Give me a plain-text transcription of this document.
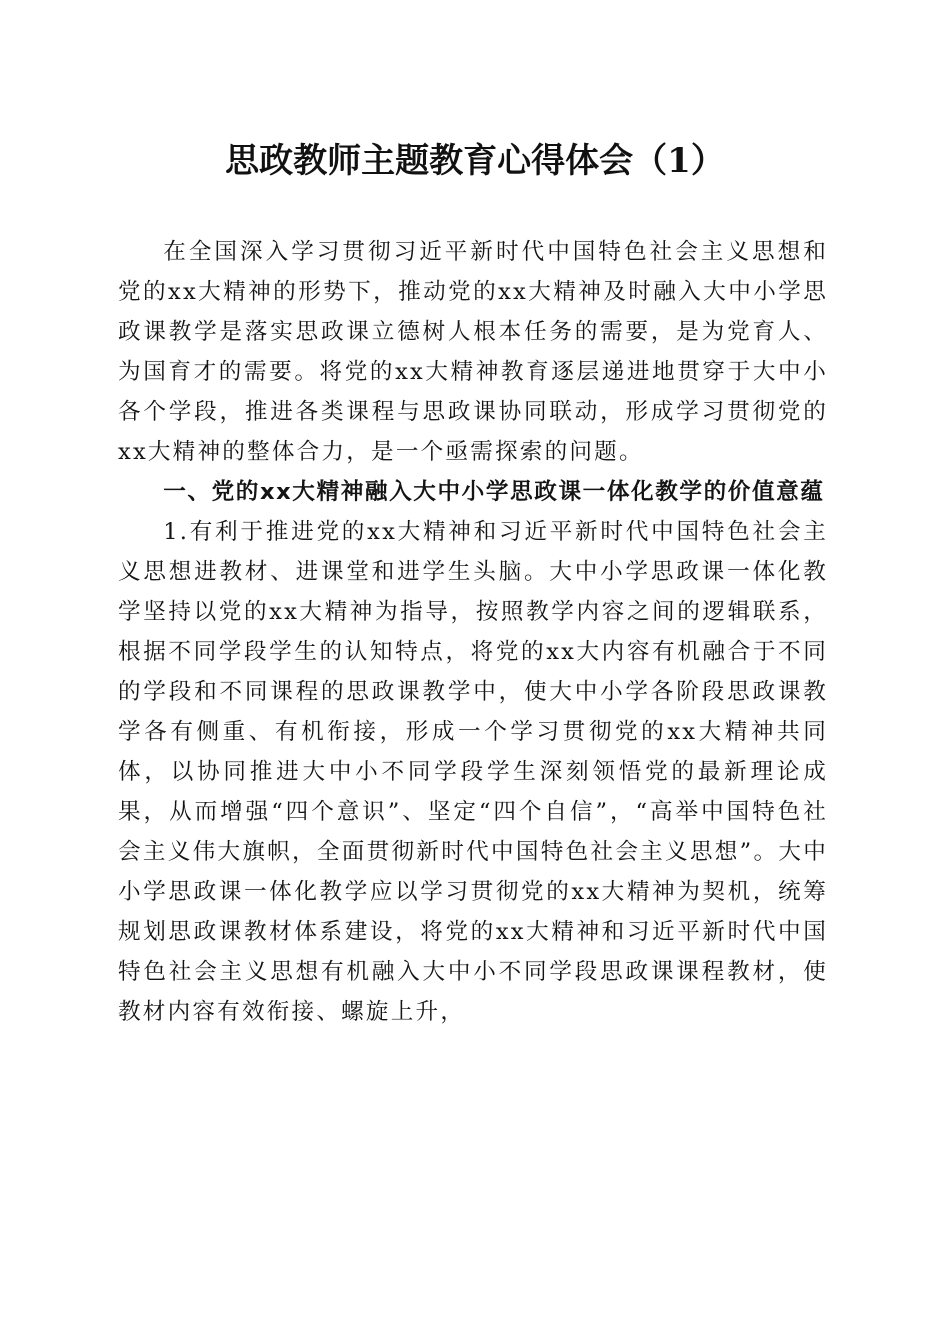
思政教师主题教育心得体会（1）

在全国深入学习贯彻习近平新时代中国特色社会主义思想和党的xx大精神的形势下，推动党的xx大精神及时融入大中小学思政课教学是落实思政课立德树人根本任务的需要，是为党育人、为国育才的需要。将党的xx大精神教育逐层递进地贯穿于大中小各个学段，推进各类课程与思政课协同联动，形成学习贯彻党的xx大精神的整体合力，是一个亟需探索的问题。

一、党的xx大精神融入大中小学思政课一体化教学的价值意蕴

1.有利于推进党的xx大精神和习近平新时代中国特色社会主义思想进教材、进课堂和进学生头脑。大中小学思政课一体化教学坚持以党的xx大精神为指导，按照教学内容之间的逻辑联系，根据不同学段学生的认知特点，将党的xx大内容有机融合于不同的学段和不同课程的思政课教学中，使大中小学各阶段思政课教学各有侧重、有机衔接，形成一个学习贯彻党的xx大精神共同体，以协同推进大中小不同学段学生深刻领悟党的最新理论成果，从而增强“四个意识”、坚定“四个自信”，“高举中国特色社会主义伟大旗帜，全面贯彻新时代中国特色社会主义思想”。大中小学思政课一体化教学应以学习贯彻党的xx大精神为契机，统筹规划思政课教材体系建设，将党的xx大精神和习近平新时代中国特色社会主义思想有机融入大中小不同学段思政课课程教材，使教材内容有效衔接、螺旋上升，
